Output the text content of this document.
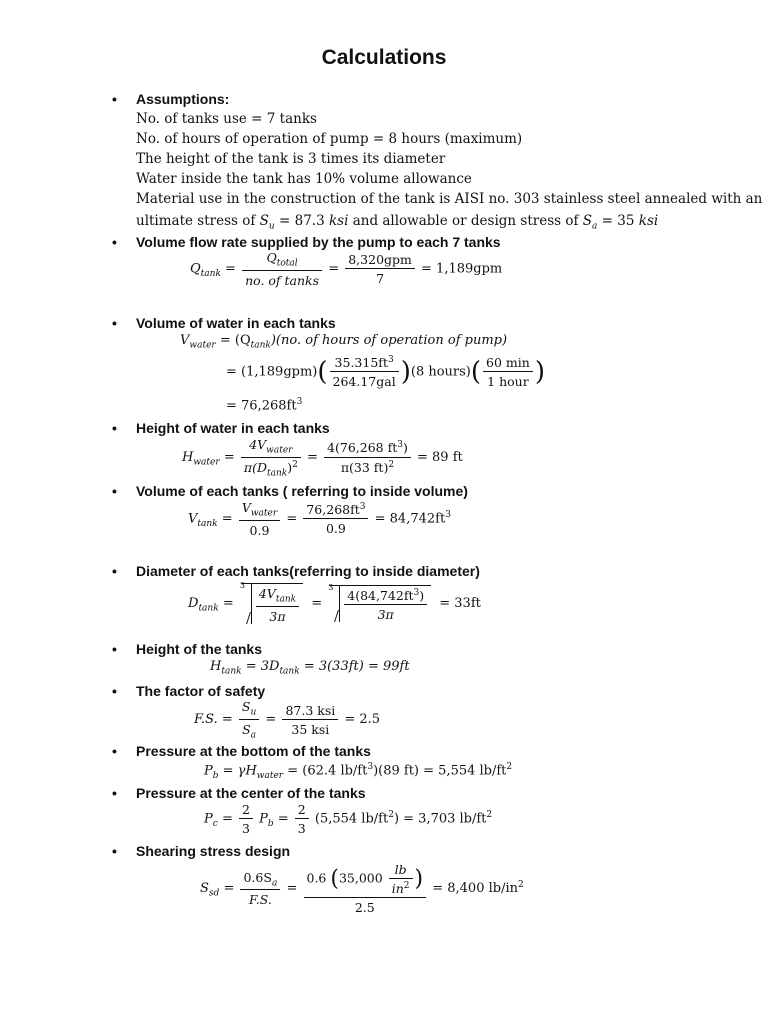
Calculations
• Assumptions:
No. of tanks use = 7 tanks
No. of hours of operation of pump = 8 hours (maximum)
The height of the tank is 3 times its diameter
Water inside the tank has 10% volume allowance
Material use in the construction of the tank is AISI no. 303 stainless steel annealed with an
ultimate stress of $S_u = 87.3$ ksi and allowable or design stress of $S_a = 35$ ksi
• Volume flow rate supplied by the pump to each 7 tanks
$Q_{tank} = \frac{Q_{total}}{\text{no. of tanks}} = \frac{\text{8,320gpm}}{7} = 1,189gpm$
• Volume of water in each tanks
$V_{water} = (Q_{tank})(no$. of hours of operation of pump)
= $(1,189gpm)( \frac{35.315ft^3}{\text{264.17gal}} )(8$ hours)( $\frac{60 \min}{\text{1 hour}}$ )
= $76,268ft^3$
• Height of water in each tanks
$H_{water} = \frac{4V_{water}}{\pi(D_{tank})^2} = \frac{4(76,268 ft^3)}{\pi(33 ft)^2} = 89$ ft
• Volume of each tanks ( referring to inside volume)
$V_{tank} = \frac{V_{water}}{0.9} = \frac{76,268ft^3}{0.9} = 84,742ft^3$
• Diameter of each tanks(referring to inside diameter)
$D_{tank}$ =
3
$\frac{4V_{tank}}{3\pi}$ =
3
$\frac{4(84,742ft^3)}{3\pi} = 33ft$
• Height of the tanks
$H_{tank} = 3D_{tank} = 3(33ft) = 99ft$
• The factor of safety
F.S. = $\frac{S_u}{S_a} = \frac{\text{87.3 ksi}}{\text{35 ksi}} = 2.5$
• Pressure at the bottom of the tanks
$P_b = \gamma H_{water} = (62.4$ $lb/ft^3)(89$ ft) = 5,554 $lb/ft^2$
• Pressure at the center of the tanks
$P_c = \frac{2}{3} P_b = \frac{2}{3} (5,554$ $lb/ft^2) = 3,703$ $lb/ft^2$
• Shearing stress design
$S_{sd} = \frac{0.6S_a}{F.S.} = \frac{0.6 (35,000 \frac{lb}{in^2} )}{2.5} = 8,400$ $lb/in^2$
